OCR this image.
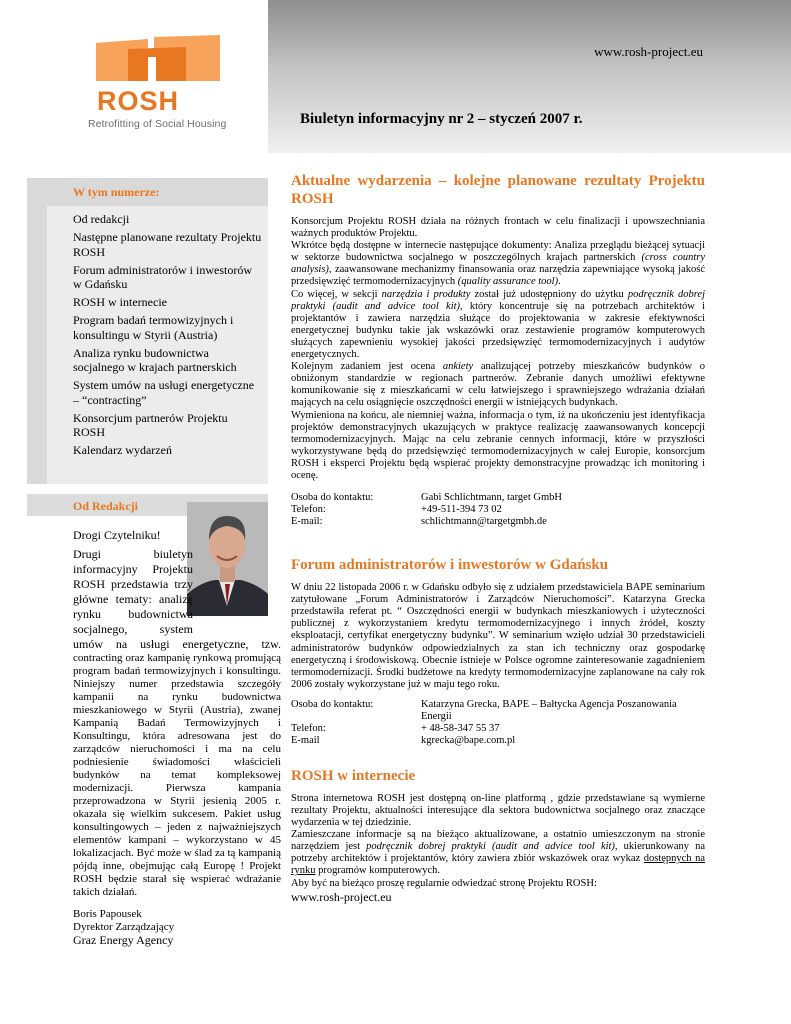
ROSH
Retrofitting of Social Housing
www.rosh-project.eu
Biuletyn informacyjny nr 2 – styczeń 2007 r.
W tym numerze:
Od redakcji
Następne planowane rezultaty Projektu ROSH
Forum administratorów i inwestorów w Gdańsku
ROSH w internecie
Program badań termowizyjnych i konsultingu w Styrii (Austria)
Analiza rynku budownictwa socjalnego w krajach partnerskich
System umów na usługi energetyczne – “contracting”
Konsorcjum partnerów Projektu ROSH
Kalendarz wydarzeń
Od Redakcji
Drogi Czytelniku!

Drugi biuletyn informacyjny Projektu ROSH przedstawia trzy główne tematy: analizę rynku budownictwa socjalnego, system umów na usługi energetyczne, tzw. contracting oraz kampanię rynkową promującą program badań termowizyjnych i konsultingu. Niniejszy numer przedstawia szczegóły kampanii na rynku budownictwa mieszkaniowego w Styrii (Austria), zwanej Kampanią Badań Termowizyjnych i Konsultingu, która adresowana jest do zarządców nieruchomości i ma na celu podniesienie świadomości właścicieli budynków na temat kompleksowej modernizacji. Pierwsza kampania przeprowadzona w Styrii jesienią 2005 r. okazała się wielkim sukcesem. Pakiet usług konsultingowych – jeden z najważniejszych elementów kampani – wykorzystano w 45 lokalizacjach. Być może w ślad za tą kampanią pójdą inne, obejmując całą Europę ! Projekt ROSH będzie starał się wspierać wdrażanie takich działań.

Boris Papousek
Dyrektor Zarządzający
Graz Energy Agency
Aktualne wydarzenia – kolejne planowane rezultaty Projektu ROSH

Konsorcjum Projektu ROSH działa na różnych frontach w celu finalizacji i upowszechniania ważnych produktów Projektu.

Wkrótce będą dostępne w internecie następujące dokumenty: Analiza przeglądu bieżącej sytuacji w sektorze budownictwa socjalnego w poszczególnych krajach partnerskich (cross country analysis), zaawansowane mechanizmy finansowania oraz narzędzia zapewniające wysoką jakość przedsięwzięć termomodernizacyjnych (quality assurance tool).

Co więcej, w sekcji narzędzia i produkty został już udostępniony do użytku podręcznik dobrej praktyki (audit and advice tool kit), który koncentruje się na potrzebach architektów i projektantów i zawiera narzędzia służące do projektowania w zakresie efektywności energetycznej budynku takie jak wskazówki oraz zestawienie programów komputerowych służących zapewnieniu wysokiej jakości przedsięwzięć termomodernizacyjnych i audytów energetycznych.

Kolejnym zadaniem jest ocena ankiety analizującej potrzeby mieszkańców budynków o obniżonym standardzie w regionach partnerów. Zebranie danych umożliwi efektywne komunikowanie się z mieszkańcami w celu łatwiejszego i sprawniejszego wdrażania działań mających na celu osiągnięcie oszczędności energii w istniejących budynkach.

Wymieniona na końcu, ale niemniej ważna, informacja o tym, iż na ukończeniu jest identyfikacja projektów demonstracyjnych ukazujących w praktyce realizację zaawansowanych koncepcji termomodernizacyjnych. Mając na celu zebranie cennych informacji, które w przyszłości wykorzystywane będą do przedsięwzięć termomodernizacyjnych w całej Europie, konsorcjum ROSH i eksperci Projektu będą wspierać projekty demonstracyjne prowadząc ich monitoring i ocenę.

Osoba do kontaktu:	Gabi Schlichtmann, target GmbH
Telefon:	+49-511-394 73 02
E-mail:	schlichtmann@targetgmbh.de
Forum administratorów i inwestorów w Gdańsku

W dniu 22 listopada 2006 r. w Gdańsku odbyło się z udziałem przedstawiciela BAPE seminarium zatytułowane „Forum Administratorów i Zarządców Nieruchomości”. Katarzyna Grecka przedstawiła referat pt. “ Oszczędności energii w budynkach mieszkaniowych i użyteczności publicznej z wykorzystaniem kredytu termomodernizacyjnego i innych źródeł, koszty eksploatacji, certyfikat energetyczny budynku”. W seminarium wzięło udział 30 przedstawicieli administratorów budynków odpowiedzialnych za stan ich techniczny oraz gospodarkę energetyczną i środowiskową. Obecnie istnieje w Polsce ogromne zainteresowanie zagadnieniem termomodernizacji. Środki budżetowe na kredyty termomodernizacyjne zaplanowane na cały rok 2006 zostały wykorzystane już w maju tego roku.

Osoba do kontaktu:	Katarzyna Grecka, BAPE – Bałtycka Agencja Poszanowania Energii
Telefon:	+ 48-58-347 55 37
E-mail	kgrecka@bape.com.pl
ROSH w internecie

Strona internetowa ROSH jest dostępną on-line platformą , gdzie przedstawiane są wymierne rezultaty Projektu, aktualności interesujące dla sektora budownictwa socjalnego oraz znaczące wydarzenia w tej dziedzinie.

Zamieszczane informacje są na bieżąco aktualizowane, a ostatnio umieszczonym na stronie narzędziem jest podręcznik dobrej praktyki (audit and advice tool kit), ukierunkowany na potrzeby architektów i projektantów, który zawiera zbiór wskazówek oraz wykaz dostępnych na rynku programów komputerowych.

Aby być na bieżąco proszę regularnie odwiedzać stronę Projektu ROSH:

www.rosh-project.eu
